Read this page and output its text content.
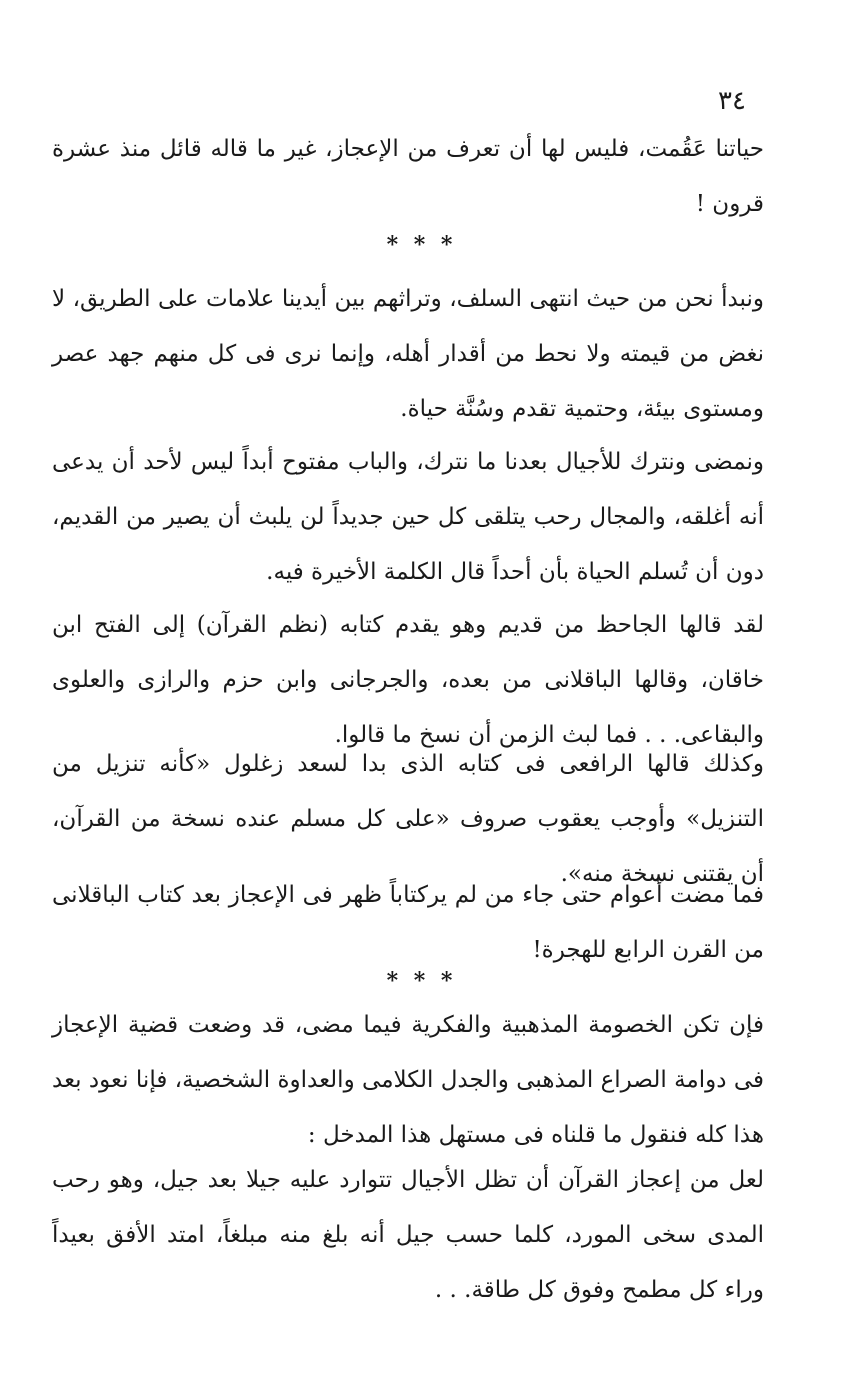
٣٤

حياتنا عَقُمت، فليس لها أن تعرف من الإعجاز، غير ما قاله قائل منذ عشرة قرون !

* * *

ونبدأ نحن من حيث انتهى السلف، وتراثهم بين أيدينا علامات على الطريق، لا نغض من قيمته ولا نحط من أقدار أهله، وإنما نرى فى كل منهم جهد عصر ومستوى بيئة، وحتمية تقدم وسُنَّة حياة.

ونمضى ونترك للأجيال بعدنا ما نترك، والباب مفتوح أبداً ليس لأحد أن يدعى أنه أغلقه، والمجال رحب يتلقى كل حين جديداً لن يلبث أن يصير من القديم، دون أن تُسلم الحياة بأن أحداً قال الكلمة الأخيرة فيه.

لقد قالها الجاحظ من قديم وهو يقدم كتابه (نظم القرآن) إلى الفتح ابن خاقان، وقالها الباقلانى من بعده، والجرجانى وابن حزم والرازى والعلوى والبقاعى. . . فما لبث الزمن أن نسخ ما قالوا.

وكذلك قالها الرافعى فى كتابه الذى بدا لسعد زغلول «كأنه تنزيل من التنزيل» وأوجب يعقوب صروف «على كل مسلم عنده نسخة من القرآن، أن يقتنى نسخة منه».

فما مضت أعوام حتى جاء من لم يركتاباً ظهر فى الإعجاز بعد كتاب الباقلانى من القرن الرابع للهجرة!

* * *

فإن تكن الخصومة المذهبية والفكرية فيما مضى، قد وضعت قضية الإعجاز فى دوامة الصراع المذهبى والجدل الكلامى والعداوة الشخصية، فإنا نعود بعد هذا كله فنقول ما قلناه فى مستهل هذا المدخل :

لعل من إعجاز القرآن أن تظل الأجيال تتوارد عليه جيلا بعد جيل، وهو رحب المدى سخى المورد، كلما حسب جيل أنه بلغ منه مبلغاً، امتد الأفق بعيداً وراء كل مطمح وفوق كل طاقة. . .
